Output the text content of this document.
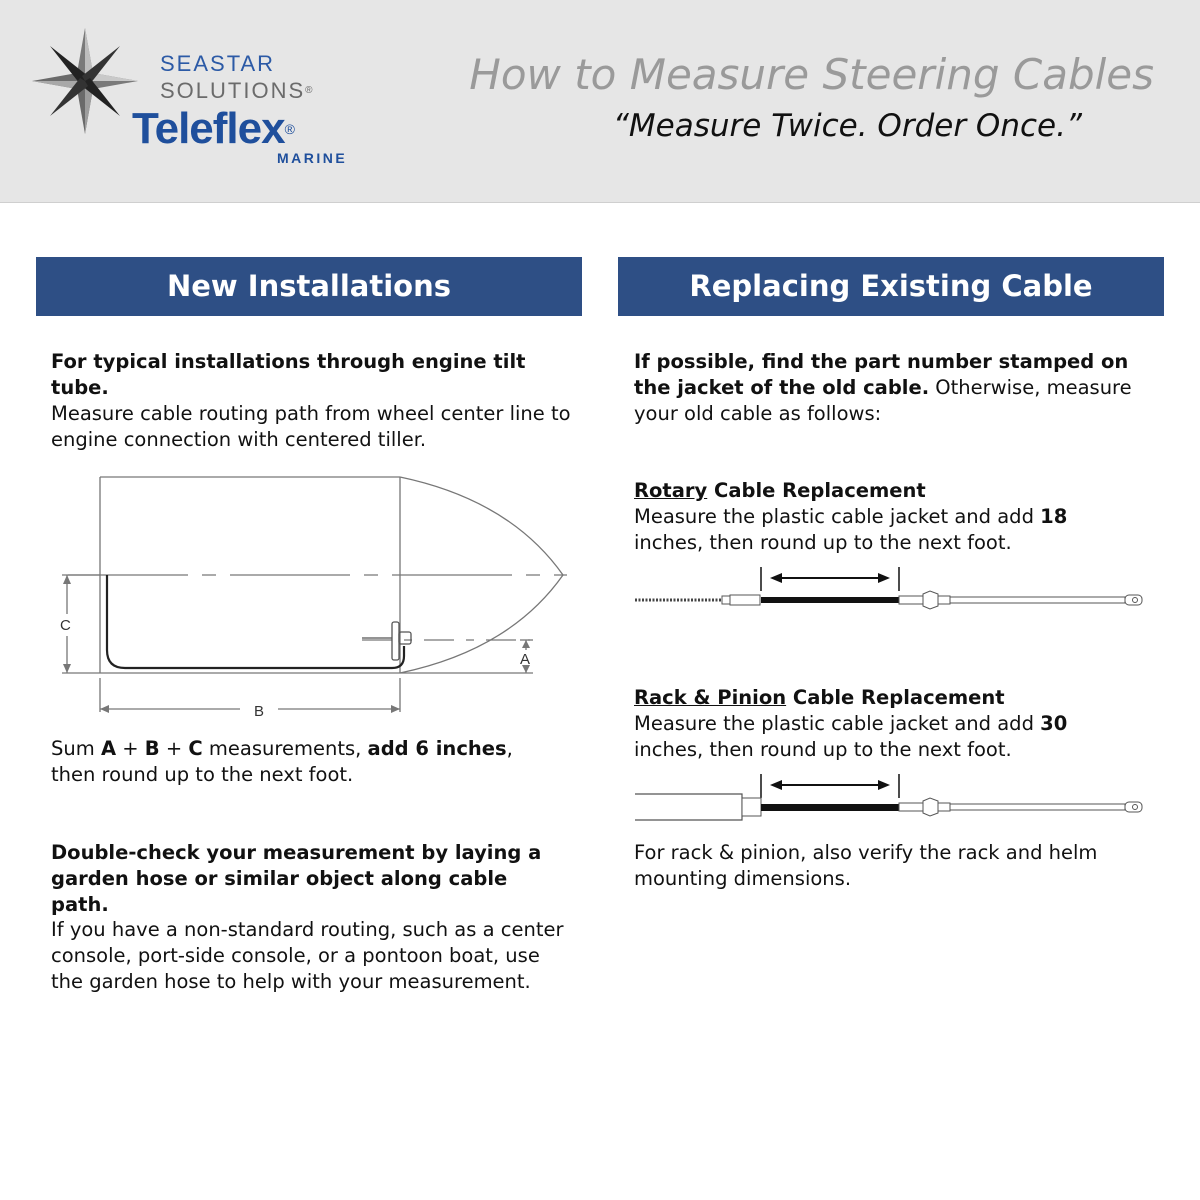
SEASTAR
SOLUTIONS®
Teleflex®
MARINE
How to Measure Steering Cables
“Measure Twice. Order Once.”
New Installations

For typical installations through engine tilt tube.
Measure cable routing path from wheel center line to engine connection with centered tiller.

C
A
B

Sum A + B + C measurements, add 6 inches, then round up to the next foot.

Double-check your measurement by laying a garden hose or similar object along cable path.

If you have a non-standard routing, such as a center console, port-side console, or a pontoon boat, use the garden hose to help with your measurement.

Replacing Existing Cable

If possible, find the part number stamped on the jacket of the old cable. Otherwise, measure your old cable as follows:

Rotary Cable Replacement

Measure the plastic cable jacket and add 18 inches, then round up to the next foot.

Rack & Pinion Cable Replacement

Measure the plastic cable jacket and add 30 inches, then round up to the next foot.

For rack & pinion, also verify the rack and helm mounting dimensions.
